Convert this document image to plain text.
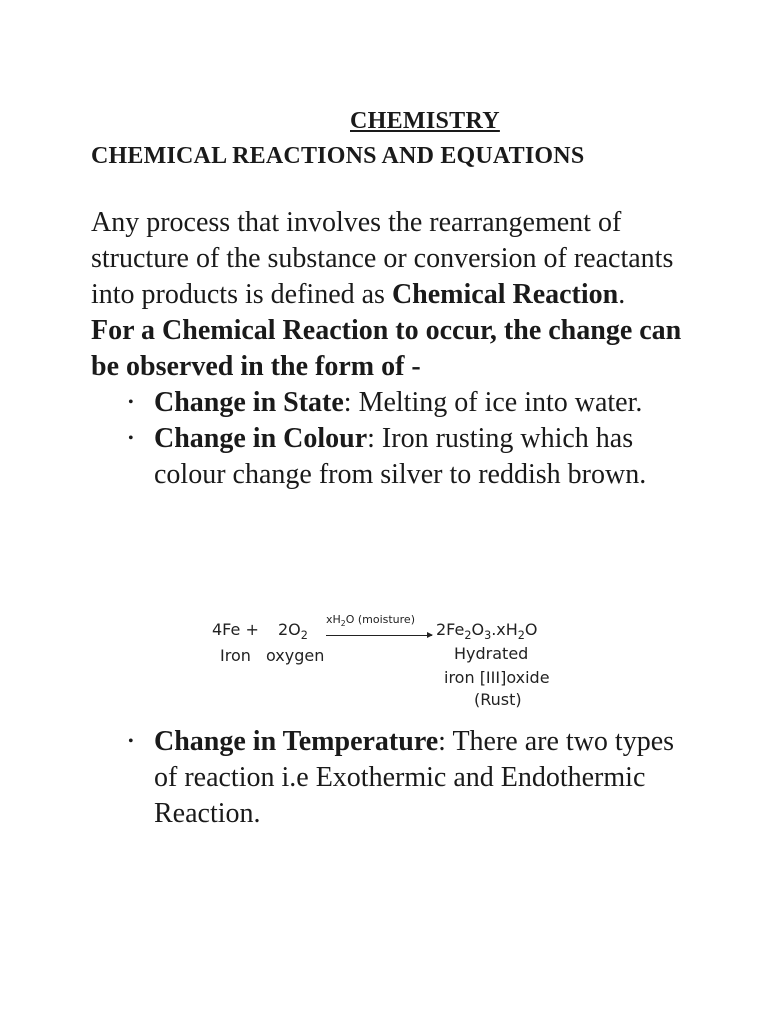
CHEMISTRY
CHEMICAL REACTIONS AND EQUATIONS
Any process that involves the rearrangement of structure of the substance or conversion of reactants into products is defined as Chemical Reaction.
For a Chemical Reaction to occur, the change can be observed in the form of -
•
Change in State: Melting of ice into water.
•
Change in Colour: Iron rusting which has colour change from silver to reddish brown.
$4Fe + 2O_2$
$xH_2O$ (moisture)
$2Fe_2O_3.xH_2O$
Iron oxygen	Hydrated
iron [III]oxide
(Rust)
•
Change in Temperature: There are two types of reaction i.e Exothermic and Endothermic Reaction.
